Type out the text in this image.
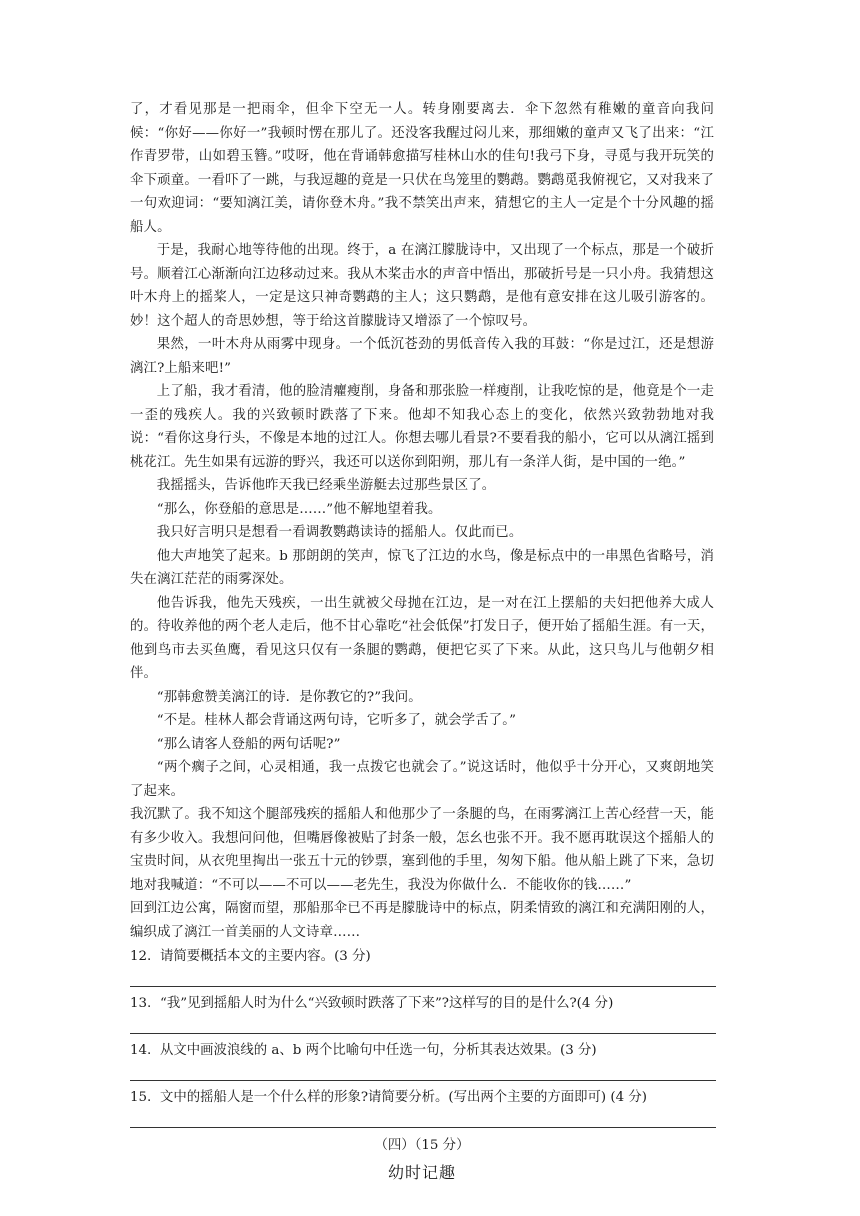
了，才看见那是一把雨伞，但伞下空无一人。转身刚要离去．伞下忽然有稚嫩的童音向我问候：“你好——你好一”我顿时愣在那儿了。还没客我醒过闷儿来，那细嫩的童声又飞了出来：“江作青罗带，山如碧玉簪。”哎呀，他在背诵韩愈描写桂林山水的佳句!我弓下身，寻觅与我开玩笑的伞下顽童。一看吓了一跳，与我逗趣的竟是一只伏在鸟笼里的鹦鹉。鹦鹉觅我俯视它，又对我来了一句欢迎词：“要知漓江美，请你登木舟。”我不禁笑出声来，猜想它的主人一定是个十分风趣的摇船人。

于是，我耐心地等待他的出现。终于，a 在漓江朦胧诗中，又出现了一个标点，那是一个破折号。顺着江心渐渐向江边移动过来。我从木桨击水的声音中悟出，那破折号是一只小舟。我猜想这叶木舟上的摇桨人，一定是这只神奇鹦鹉的主人；这只鹦鹉，是他有意安排在这儿吸引游客的。妙！这个超人的奇思妙想，等于给这首朦胧诗又增添了一个惊叹号。

果然，一叶木舟从雨雾中现身。一个低沉苍劲的男低音传入我的耳鼓：“你是过江，还是想游漓江?上船来吧!”

上了船，我才看清，他的脸清癯瘦削，身备和那张脸一样瘦削，让我吃惊的是，他竟是个一走一歪的残疾人。我的兴致顿时跌落了下来。他却不知我心态上的变化，依然兴致勃勃地对我说：“看你这身行头，不像是本地的过江人。你想去哪儿看景?不要看我的船小，它可以从漓江摇到桃花江。先生如果有远游的野兴，我还可以送你到阳朔，那儿有一条洋人街，是中国的一绝。”

我摇摇头，告诉他昨天我已经乘坐游艇去过那些景区了。

“那么，你登船的意思是……”他不解地望着我。

我只好言明只是想看一看调教鹦鹉读诗的摇船人。仅此而已。

他大声地笑了起来。b 那朗朗的笑声，惊飞了江边的水鸟，像是标点中的一串黑色省略号，消失在漓江茫茫的雨雾深处。

他告诉我，他先天残疾，一出生就被父母抛在江边，是一对在江上摆船的夫妇把他养大成人的。待收养他的两个老人走后，他不甘心靠吃“社会低保”打发日子，便开始了摇船生涯。有一天，他到鸟市去买鱼鹰，看见这只仅有一条腿的鹦鹉，便把它买了下来。从此，这只鸟儿与他朝夕相伴。

“那韩愈赞美漓江的诗．是你教它的?”我问。

“不是。桂林人都会背诵这两句诗，它听多了，就会学舌了。”

“那么请客人登船的两句话呢?”

“两个瘸子之间，心灵相通，我一点拨它也就会了。”说这话时，他似乎十分开心，又爽朗地笑了起来。

我沉默了。我不知这个腿部残疾的摇船人和他那少了一条腿的鸟，在雨雾漓江上苦心经营一天，能有多少收入。我想问问他，但嘴唇像被贴了封条一般，怎幺也张不开。我不愿再耽误这个摇船人的宝贵时间，从衣兜里掏出一张五十元的钞票，塞到他的手里，匆匆下船。他从船上跳了下来，急切地对我喊道：“不可以——不可以——老先生，我没为你做什么．不能收你的钱……”

回到江边公寓，隔窗而望，那船那伞已不再是朦胧诗中的标点，阴柔情致的漓江和充满阳刚的人，编织成了漓江一首美丽的人文诗章……

12. 请简要概括本文的主要内容。(3 分)
13. “我”见到摇船人时为什么“兴致顿时跌落了下来”?这样写的目的是什么?(4 分)
14. 从文中画波浪线的 a、b 两个比喻句中任选一句，分析其表达效果。(3 分)
15. 文中的摇船人是一个什么样的形象?请简要分析。(写出两个主要的方面即可) (4 分)
（四）（15 分）
幼时记趣
